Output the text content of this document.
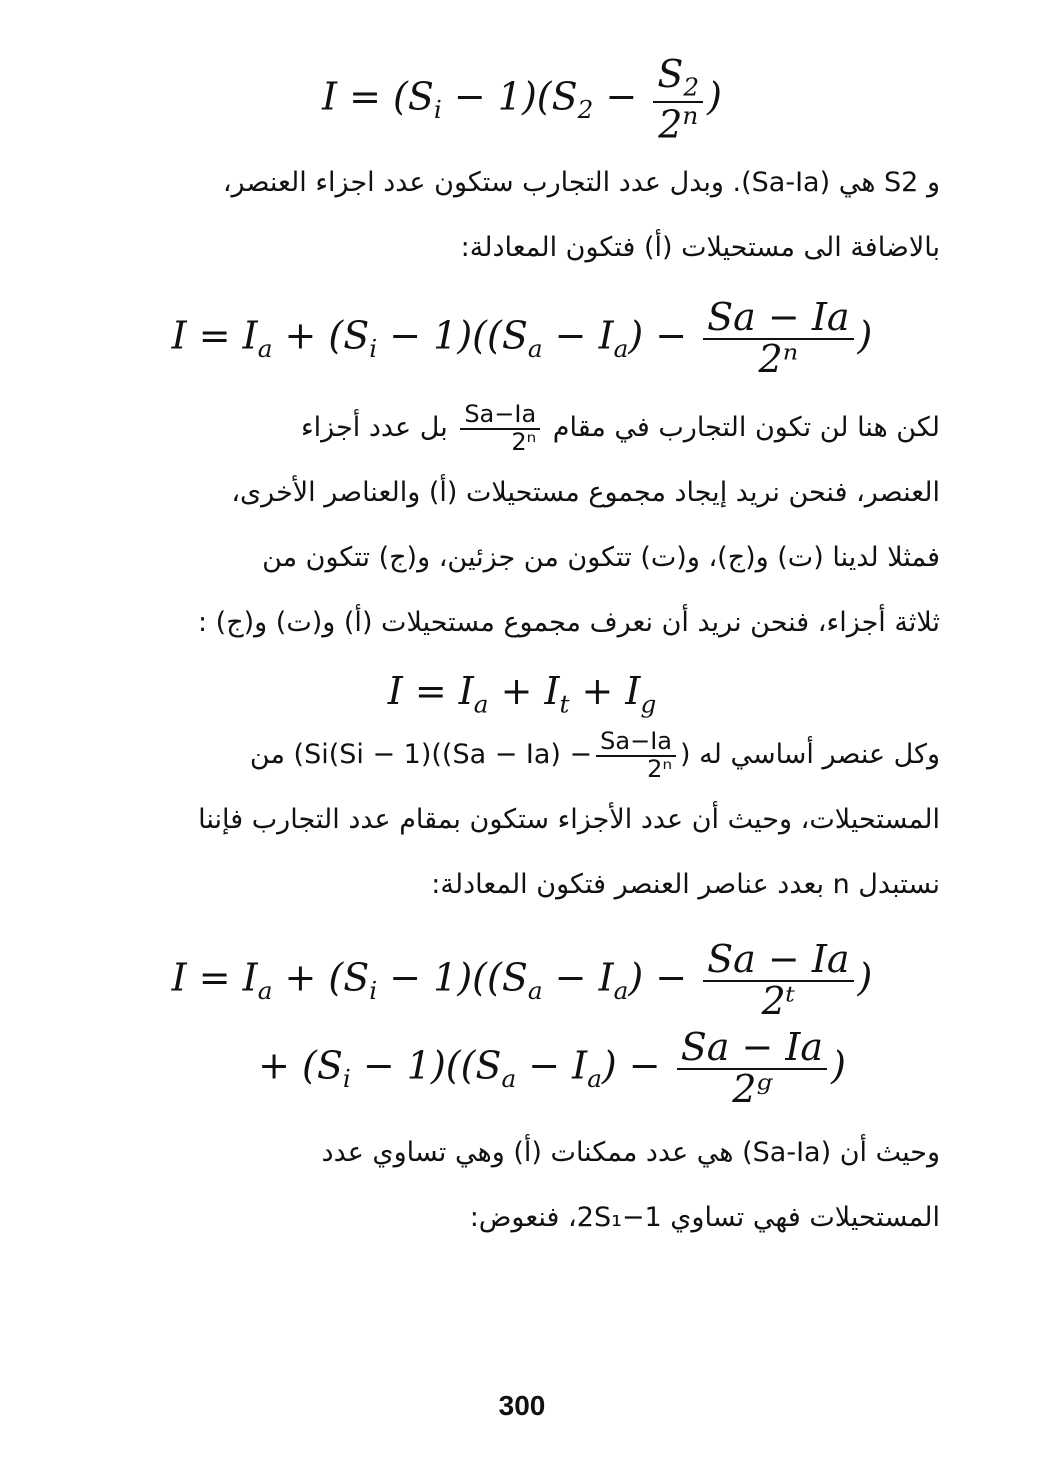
$I = (S_i - 1)(S_2 - \frac{S_2}{2^n}$ )
و S2 هي (Sa-Ia). وبدل عدد التجارب ستكون عدد اجزاء العنصر،
بالاضافة الى مستحيلات (أ) فتكون المعادلة:
$I = I_a + (S_i - 1)((S_a - I_a) - \frac{Sa - Ia}{\text{2ⁿ}}$ )
لكن هنا لن تكون التجارب في مقام
$\frac{Sa-Ia}{\text{2ⁿ}}$
بل عدد أجزاء
العنصر، فنحن نريد إيجاد مجموع مستحيلات (أ) والعناصر الأخرى،
فمثلا لدينا (ت) و(ج)، و(ت) تتكون من جزئين، و(ج) تتكون من
ثلاثة أجزاء، فنحن نريد أن نعرف مجموع مستحيلات (أ) و(ت) و(ج) :
$I = I_a + I_t + I_g$
وكل عنصر أساسي له ($Si(Si - 1)((Sa - Ia) - \frac{Sa-Ia}{\text{2ⁿ}}$ ) من
المستحيلات، وحيث أن عدد الأجزاء ستكون بمقام عدد التجارب فإننا
نستبدل n بعدد عناصر العنصر فتكون المعادلة:
$I = I_a + (S_i - 1)((S_a - I_a) - \frac{Sa - Ia}{\text{2ᵗ}}$ )
+ $(S_i - 1)((S_a - I_a) - \frac{Sa - Ia}{\text{2ᵍ}}$ )
وحيث أن (Sa-Ia) هي عدد ممكنات (أ) وهي تساوي عدد
المستحيلات فهي تساوي 2S₁−1، فنعوض:
300
